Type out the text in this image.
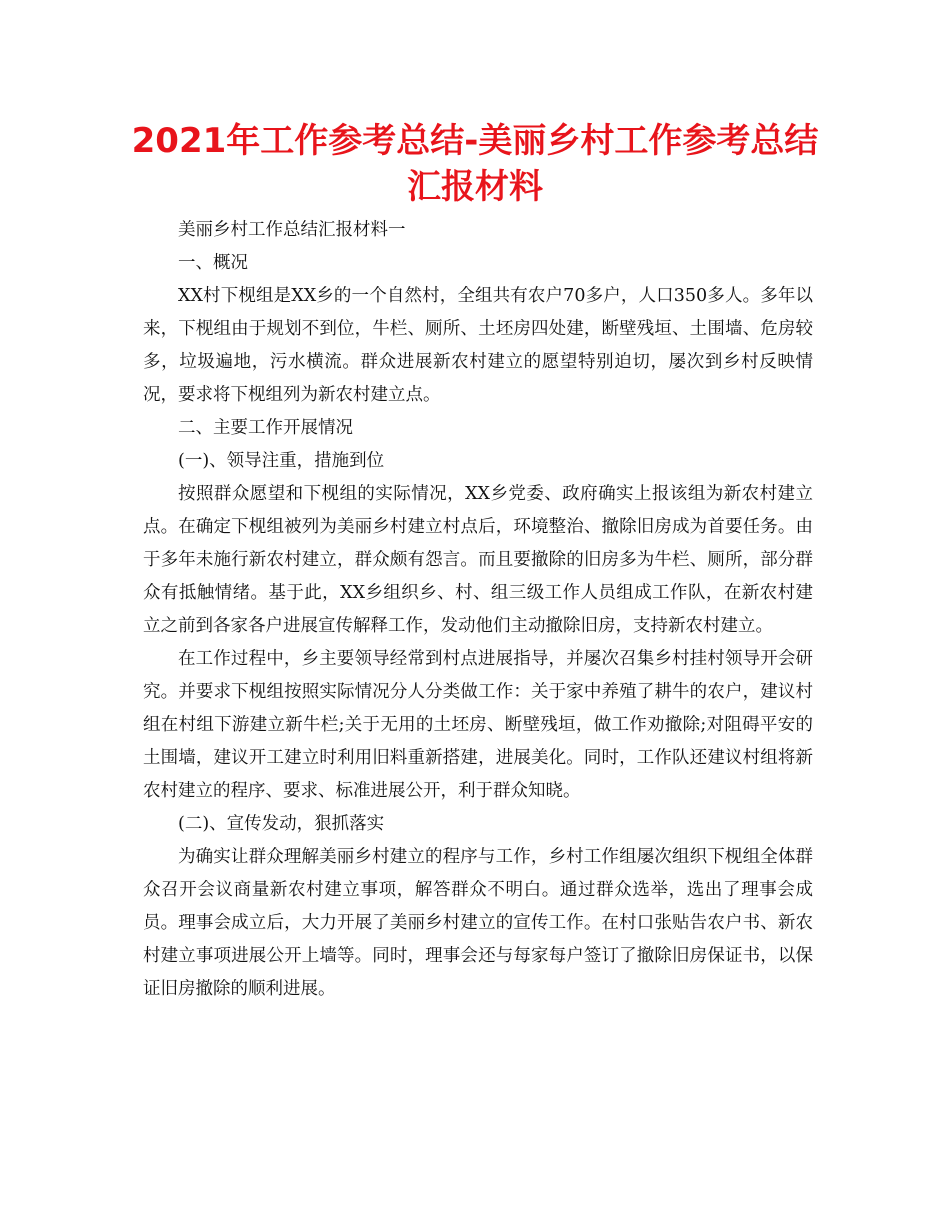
2021年工作参考总结-美丽乡村工作参考总结汇报材料

美丽乡村工作总结汇报材料一

一、概况

XX村下枧组是XX乡的一个自然村，全组共有农户70多户，人口350多人。多年以来，下枧组由于规划不到位，牛栏、厕所、土坯房四处建，断壁残垣、土围墙、危房较多，垃圾遍地，污水横流。群众进展新农村建立的愿望特别迫切，屡次到乡村反映情况，要求将下枧组列为新农村建立点。

二、主要工作开展情况

(一)、领导注重，措施到位

按照群众愿望和下枧组的实际情况，XX乡党委、政府确实上报该组为新农村建立点。在确定下枧组被列为美丽乡村建立村点后，环境整治、撤除旧房成为首要任务。由于多年未施行新农村建立，群众颇有怨言。而且要撤除的旧房多为牛栏、厕所，部分群众有抵触情绪。基于此，XX乡组织乡、村、组三级工作人员组成工作队，在新农村建立之前到各家各户进展宣传解释工作，发动他们主动撤除旧房，支持新农村建立。

在工作过程中，乡主要领导经常到村点进展指导，并屡次召集乡村挂村领导开会研究。并要求下枧组按照实际情况分人分类做工作：关于家中养殖了耕牛的农户，建议村组在村组下游建立新牛栏;关于无用的土坯房、断壁残垣，做工作劝撤除;对阻碍平安的土围墙，建议开工建立时利用旧料重新搭建，进展美化。同时，工作队还建议村组将新农村建立的程序、要求、标准进展公开，利于群众知晓。

(二)、宣传发动，狠抓落实

为确实让群众理解美丽乡村建立的程序与工作，乡村工作组屡次组织下枧组全体群众召开会议商量新农村建立事项，解答群众不明白。通过群众选举，选出了理事会成员。理事会成立后，大力开展了美丽乡村建立的宣传工作。在村口张贴告农户书、新农村建立事项进展公开上墙等。同时，理事会还与每家每户签订了撤除旧房保证书，以保证旧房撤除的顺利进展。
